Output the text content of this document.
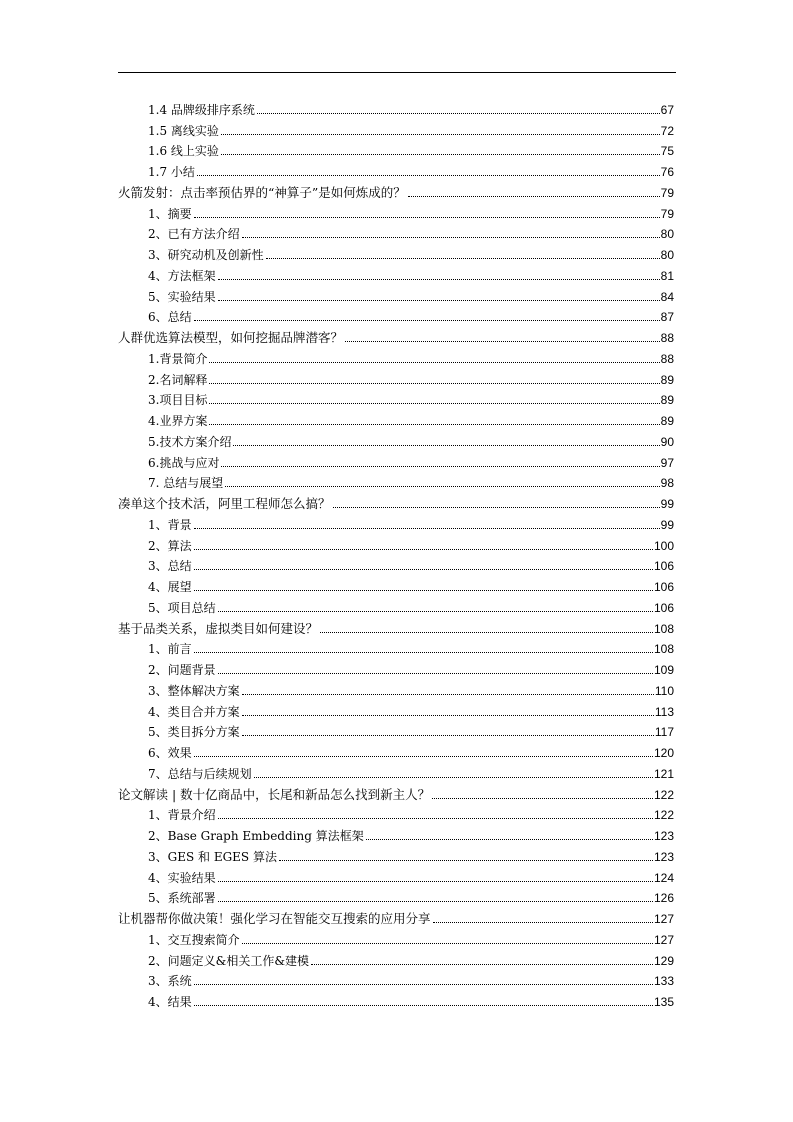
1.4 品牌级排序系统	67
1.5 离线实验	72
1.6 线上实验	75
1.7 小结	76
火箭发射：点击率预估界的“神算子”是如何炼成的？	79
1、摘要	79
2、已有方法介绍	80
3、研究动机及创新性	80
4、方法框架	81
5、实验结果	84
6、总结	87
人群优选算法模型，如何挖掘品牌潜客？	88
1.背景简介	88
2.名词解释	89
3.项目目标	89
4.业界方案	89
5.技术方案介绍	90
6.挑战与应对	97
7. 总结与展望	98
凑单这个技术活，阿里工程师怎么搞？	99
1、背景	99
2、算法	100
3、总结	106
4、展望	106
5、项目总结	106
基于品类关系，虚拟类目如何建设？	108
1、前言	108
2、问题背景	109
3、整体解决方案	110
4、类目合并方案	113
5、类目拆分方案	117
6、效果	120
7、总结与后续规划	121
论文解读 | 数十亿商品中，长尾和新品怎么找到新主人？	122
1、背景介绍	122
2、Base Graph Embedding 算法框架	123
3、GES 和 EGES 算法	123
4、实验结果	124
5、系统部署	126
让机器帮你做决策！强化学习在智能交互搜索的应用分享	127
1、交互搜索简介	127
2、问题定义&相关工作&建模	129
3、系统	133
4、结果	135
